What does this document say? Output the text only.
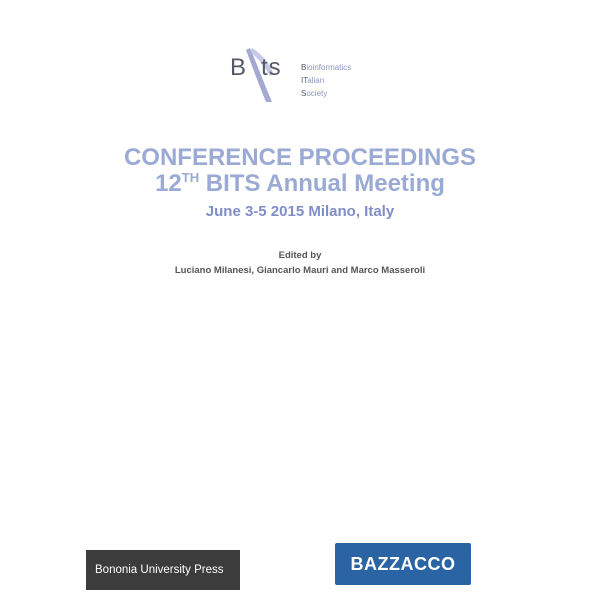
B ts Bioinformatics
ITalian
Society
CONFERENCE PROCEEDINGS
12TH BITS Annual Meeting
June 3-5 2015 Milano, Italy
Edited by
Luciano Milanesi, Giancarlo Mauri and Marco Masseroli
Bononia University Press	BAZZACCO
